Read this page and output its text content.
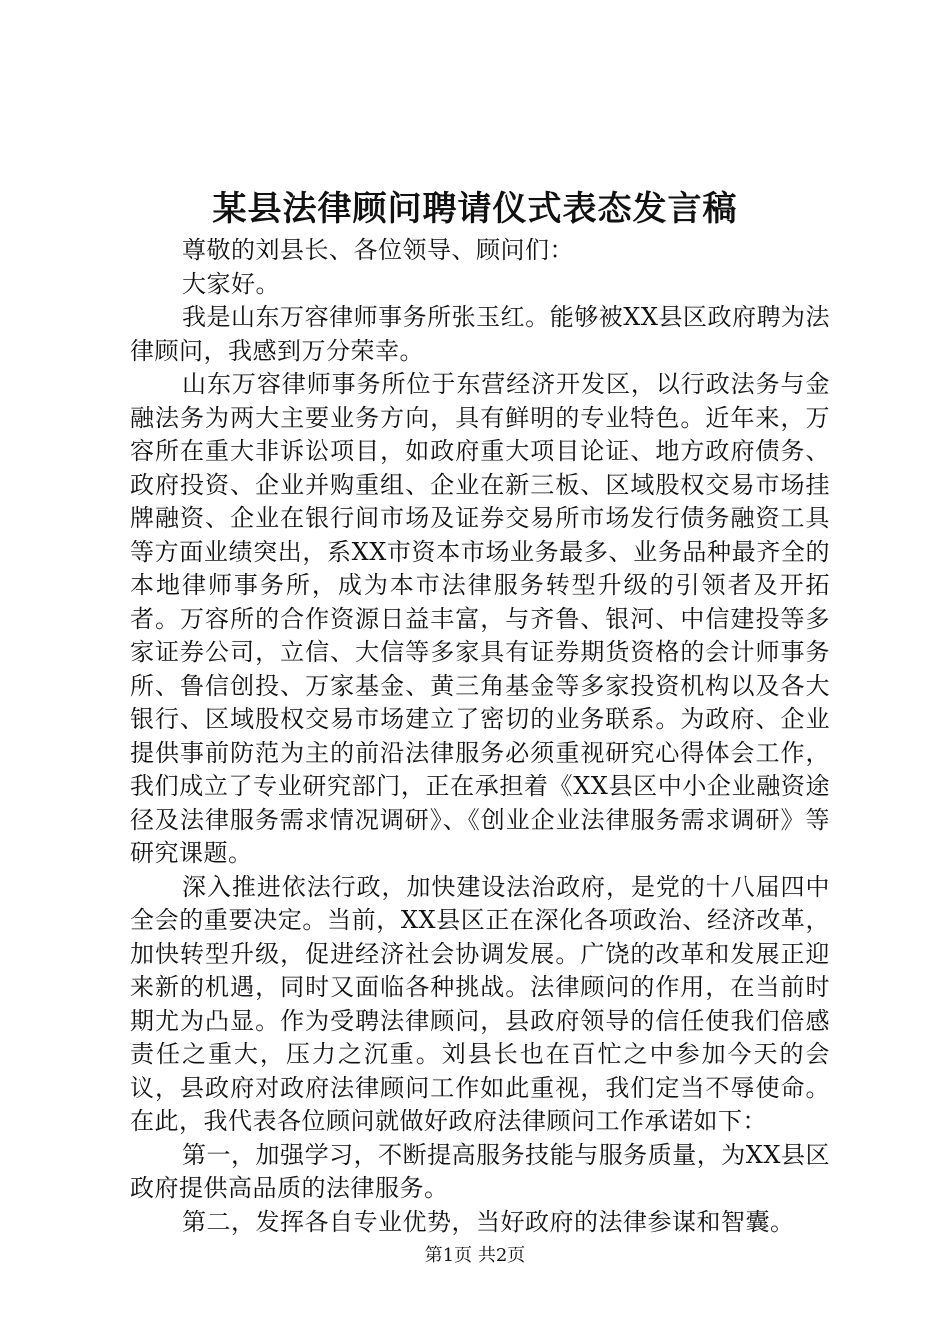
某县法律顾问聘请仪式表态发言稿

尊敬的刘县长、各位领导、顾问们：

大家好。

我是山东万容律师事务所张玉红。能够被XX县区政府聘为法律顾问，我感到万分荣幸。

山东万容律师事务所位于东营经济开发区，以行政法务与金融法务为两大主要业务方向，具有鲜明的专业特色。近年来，万容所在重大非诉讼项目，如政府重大项目论证、地方政府债务、政府投资、企业并购重组、企业在新三板、区域股权交易市场挂牌融资、企业在银行间市场及证券交易所市场发行债务融资工具等方面业绩突出，系XX市资本市场业务最多、业务品种最齐全的本地律师事务所，成为本市法律服务转型升级的引领者及开拓者。万容所的合作资源日益丰富，与齐鲁、银河、中信建投等多家证券公司，立信、大信等多家具有证券期货资格的会计师事务所、鲁信创投、万家基金、黄三角基金等多家投资机构以及各大银行、区域股权交易市场建立了密切的业务联系。为政府、企业提供事前防范为主的前沿法律服务必须重视研究心得体会工作，我们成立了专业研究部门，正在承担着《XX县区中小企业融资途径及法律服务需求情况调研》、《创业企业法律服务需求调研》等研究课题。

深入推进依法行政，加快建设法治政府，是党的十八届四中全会的重要决定。当前，XX县区正在深化各项政治、经济改革，加快转型升级，促进经济社会协调发展。广饶的改革和发展正迎来新的机遇，同时又面临各种挑战。法律顾问的作用，在当前时期尤为凸显。作为受聘法律顾问，县政府领导的信任使我们倍感责任之重大，压力之沉重。刘县长也在百忙之中参加今天的会议，县政府对政府法律顾问工作如此重视，我们定当不辱使命。在此，我代表各位顾问就做好政府法律顾问工作承诺如下：

第一，加强学习，不断提高服务技能与服务质量，为XX县区政府提供高品质的法律服务。

第二，发挥各自专业优势，当好政府的法律参谋和智囊。

第1页 共2页
